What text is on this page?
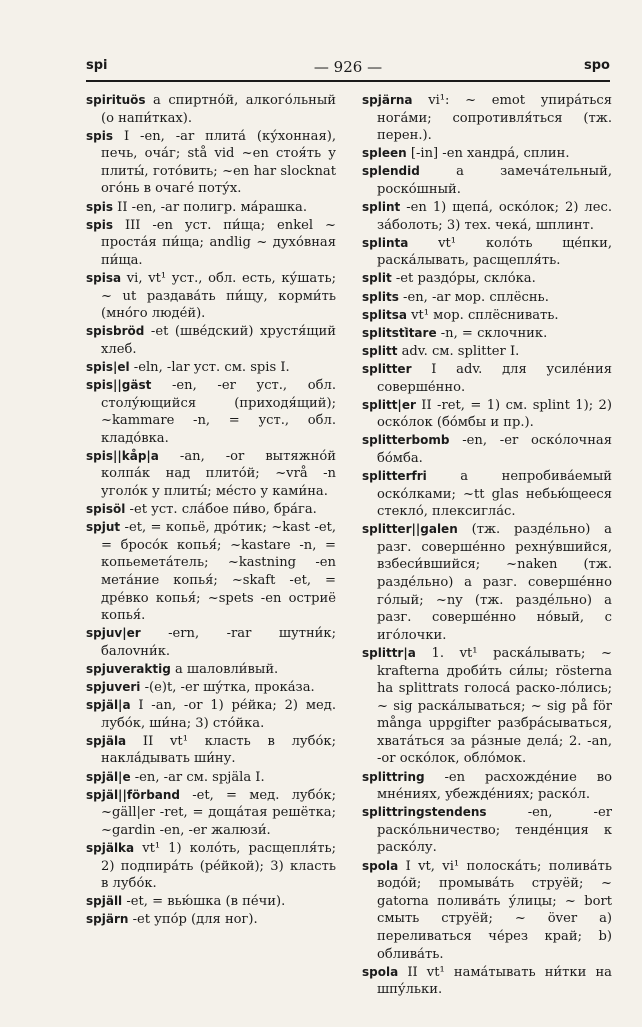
spi	— 926 —	spo

spirituös a спиртно́й, алкого́льный (о напи́тках).

spis I -en, -ar плита́ (ку́хонная), печь, оча́г; stå vid ~en стоя́ть у плиты́, гото́вить; ~en har slocknat ого́нь в очаге́ поту́х.

spis II -en, -ar полигр. ма́рашка.

spis III -en уст. пи́ща; enkel ~ проста́я пи́ща; andlig ~ духо́вная пи́ща.

spisa vi, vt¹ уст., обл. есть, ку́шать; ~ ut раздава́ть пи́щу, корми́ть (мно́го люде́й).

spisbröd -et (шве́дский) хрустя́щий хлеб.

spis|el -eln, -lar уст. см. spis I.

spis||gäst -en, -er уст., обл. столу́ющийся (приходя́щий); ~kammare -n, = уст., обл. кладо́вка.

spis||kåp|a -an, -or вытяжно́й колпа́к над плито́й; ~vrå -n уголо́к у плиты́; ме́сто у ками́на.

spisöl -et уст. сла́бое пи́во, бра́га.

spjut -et, = копьё, дро́тик; ~kast -et, = бросо́к копья́; ~kastare -n, = копьемета́тель; ~kastning -en мета́ние копья́; ~skaft -et, = дре́вко копья́; ~spets -en остриё копья́.

spjuv|er -ern, -rar шутни́к; балovни́к.

spjuveraktig a шаловли́вый.

spjuveri -(e)t, -er шу́тка, прока́за.

spjäl|a I -an, -or 1) ре́йка; 2) мед. лубо́к, ши́на; 3) сто́йка.

spjäla II vt¹ класть в лубо́к; накла́дывать ши́ну.

spjäl|e -en, -ar см. spjäla I.

spjäl||förband -et, = мед. лубо́к; ~gäll|er -ret, = доща́тая решётка; ~gardin -en, -er жалюзи́.

spjälka vt¹ 1) коло́ть, расщепля́ть; 2) подпира́ть (ре́йкой); 3) класть в лубо́к.

spjäll -et, = вью́шка (в пе́чи).

spjärn -et упо́р (для ног).

spjärna vi¹: ~ emot упира́ться нога́ми; сопротивля́ться (тж. перен.).

spleen [-in] -en хандра́, сплин.

splendid	a замеча́тельный, роско́шный.

splint -en 1) щепа́, оско́лок; 2) лес. за́болоть; 3) тех. чека́, шплинт.

splinta vt¹ коло́ть ще́пки, раска́лывать, расщепля́ть.

split -et раздо́ры, скло́ка.

splits -en, -ar мор. сплёснь.

splitsa vt¹ мор. сплёснивать.

splitsti̇̀tare -n, = склочник.

splitt adv. см. splitter I.

splitter I adv. для усиле́ния соверше́нно.

splitt|er II -ret, = 1) см. splint 1); 2) оско́лок (бо́мбы и пр.).

splitterbomb -en, -er оско́лочная бо́мба.

splitterfri	a непробива́емый оско́лками; ~tt glas небью́щееся стекло́, плексигла́с.

splitter||galen (тж. разде́льно) a разг. соверше́нно рехну́вшийся, взбеси́вшийся; ~naken (тж. разде́льно) a разг. соверше́нно го́лый; ~ny (тж. разде́льно) a разг. соверше́нно но́вый, с иго́лочки.

splittr|a 1. vt¹ раска́лывать; ~ krafterna дроби́ть си́лы; rösterna ha splittrats голоса́ раско-ло́лись; ~ sig раска́лываться; ~ sig på för många uppgifter разбра́сываться, хвата́ться за ра́зные дела́; 2. -an, -or оско́лок, обло́мок.

splittring -en расхожде́ние во мне́ниях, убежде́ниях; раско́л.

splittringstendens	-en, -er раско́льничество; тенде́нция к раско́лу.

spola I vt, vi¹ полоска́ть; полива́ть водо́й; промыва́ть струёй; ~ gatorna полива́ть у́лицы; ~ bort смыть струёй; ~ över a) переливаться че́рез край; b) облива́ть.

spola II vt¹ нама́тывать ни́тки на шпу́льки.
